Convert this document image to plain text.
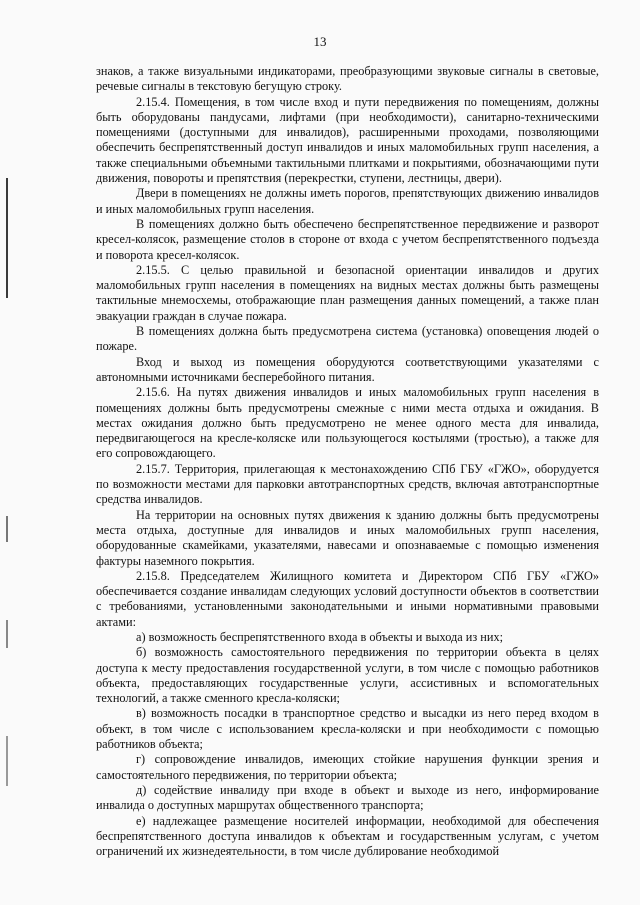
13

знаков, а также визуальными индикаторами, преобразующими звуковые сигналы в световые, речевые сигналы в текстовую бегущую строку.

2.15.4. Помещения, в том числе вход и пути передвижения по помещениям, должны быть оборудованы пандусами, лифтами (при необходимости), санитарно-техническими помещениями (доступными для инвалидов), расширенными проходами, позволяющими обеспечить беспрепятственный доступ инвалидов и иных маломобильных групп населения, а также специальными объемными тактильными плитками и покрытиями, обозначающими пути движения, повороты и препятствия (перекрестки, ступени, лестницы, двери).

Двери в помещениях не должны иметь порогов, препятствующих движению инвалидов и иных маломобильных групп населения.

В помещениях должно быть обеспечено беспрепятственное передвижение и разворот кресел-колясок, размещение столов в стороне от входа с учетом беспрепятственного подъезда и поворота кресел-колясок.

2.15.5. С целью правильной и безопасной ориентации инвалидов и других маломобильных групп населения в помещениях на видных местах должны быть размещены тактильные мнемосхемы, отображающие план размещения данных помещений, а также план эвакуации граждан в случае пожара.

В помещениях должна быть предусмотрена система (установка) оповещения людей о пожаре.

Вход и выход из помещения оборудуются соответствующими указателями с автономными источниками бесперебойного питания.

2.15.6. На путях движения инвалидов и иных маломобильных групп населения в помещениях должны быть предусмотрены смежные с ними места отдыха и ожидания. В местах ожидания должно быть предусмотрено не менее одного места для инвалида, передвигающегося на кресле-коляске или пользующегося костылями (тростью), а также для его сопровождающего.

2.15.7. Территория, прилегающая к местонахождению СПб ГБУ «ГЖО», оборудуется по возможности местами для парковки автотранспортных средств, включая автотранспортные средства инвалидов.

На территории на основных путях движения к зданию должны быть предусмотрены места отдыха, доступные для инвалидов и иных маломобильных групп населения, оборудованные скамейками, указателями, навесами и опознаваемые с помощью изменения фактуры наземного покрытия.

2.15.8. Председателем Жилищного комитета и Директором СПб ГБУ «ГЖО» обеспечивается создание инвалидам следующих условий доступности объектов в соответствии с требованиями, установленными законодательными и иными нормативными правовыми актами:

а) возможность беспрепятственного входа в объекты и выхода из них;

б) возможность самостоятельного передвижения по территории объекта в целях доступа к месту предоставления государственной услуги, в том числе с помощью работников объекта, предоставляющих государственные услуги, ассистивных и вспомогательных технологий, а также сменного кресла-коляски;

в) возможность посадки в транспортное средство и высадки из него перед входом в объект, в том числе с использованием кресла-коляски и при необходимости с помощью работников объекта;

г) сопровождение инвалидов, имеющих стойкие нарушения функции зрения и самостоятельного передвижения, по территории объекта;

д) содействие инвалиду при входе в объект и выходе из него, информирование инвалида о доступных маршрутах общественного транспорта;

е) надлежащее размещение носителей информации, необходимой для обеспечения беспрепятственного доступа инвалидов к объектам и государственным услугам, с учетом ограничений их жизнедеятельности, в том числе дублирование необходимой
